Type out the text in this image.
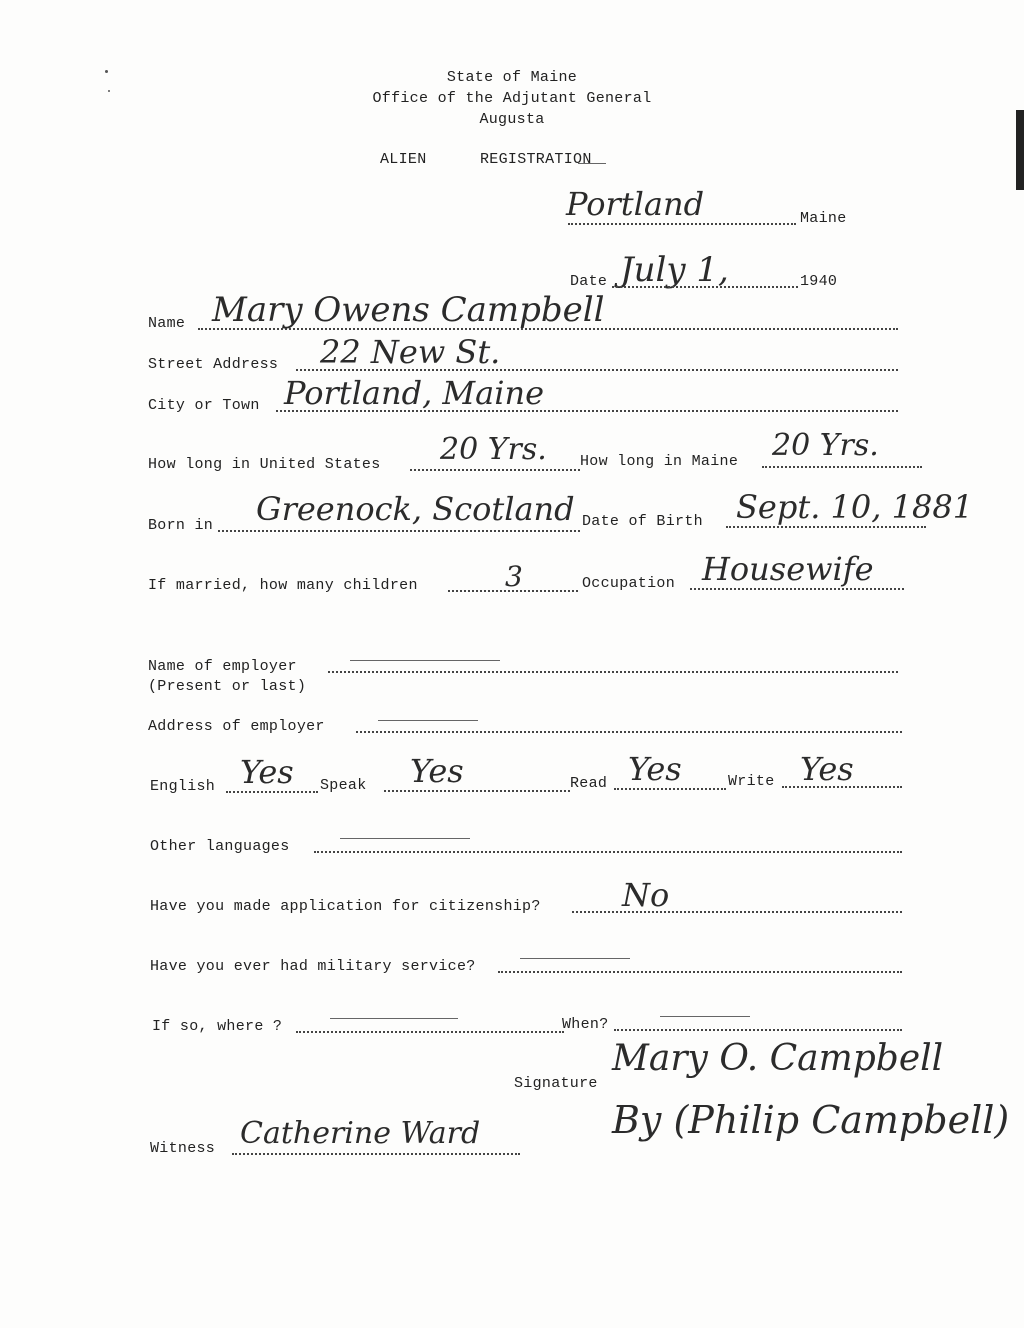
State of Maine
Office of the Adjutant General
Augusta
ALIEN	REGISTRATION
Portland	Maine
Date July 1,	1940
Name Mary Owens Campbell
Street Address 22 New St.
City or Town Portland, Maine
How long in United States 20 Yrs. How long in Maine 20 Yrs.
Born in Greenock, Scotland Date of Birth Sept. 10, 1881
If married, how many children	3	Occupation Housewife
Name of employer
(Present or last)
Address of employer
English Yes Speak Yes	Read Yes	Write Yes
Other languages
Have you made application for citizenship?	No
Have you ever had military service?
If so, where ?	When?
Signature
Mary O. Campbell
By (Philip Campbell)
Witness Catherine Ward
